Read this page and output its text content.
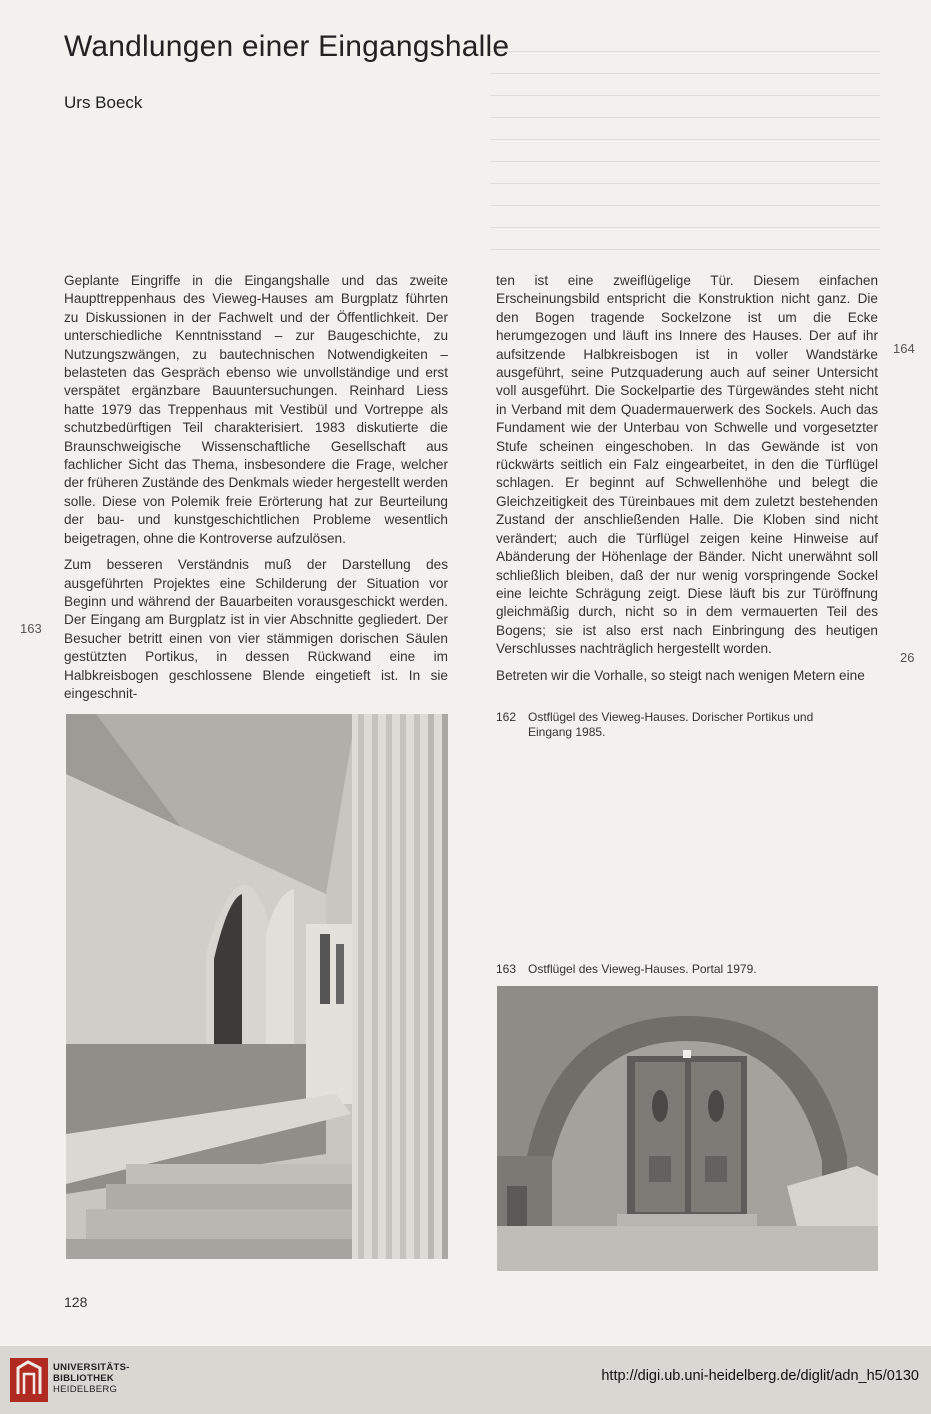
Wandlungen einer Eingangshalle
Urs Boeck

Geplante Eingriffe in die Eingangshalle und das zweite Haupttreppenhaus des Vieweg-Hauses am Burgplatz führten zu Diskussionen in der Fachwelt und der Öffentlichkeit. Der unterschiedliche Kenntnisstand – zur Baugeschichte, zu Nutzungszwängen, zu bautechnischen Notwendigkeiten – belasteten das Gespräch ebenso wie unvollständige und erst verspätet ergänzbare Bauuntersuchungen. Reinhard Liess hatte 1979 das Treppenhaus mit Vestibül und Vortreppe als schutzbedürftigen Teil charakterisiert. 1983 diskutierte die Braunschweigische Wissenschaftliche Gesellschaft aus fachlicher Sicht das Thema, insbesondere die Frage, welcher der früheren Zustände des Denkmals wieder hergestellt werden solle. Diese von Polemik freie Erörterung hat zur Beurteilung der bau- und kunstgeschichtlichen Probleme wesentlich beigetragen, ohne die Kontroverse aufzulösen.

Zum besseren Verständnis muß der Darstellung des ausgeführten Projektes eine Schilderung der Situation vor Beginn und während der Bauarbeiten vorausgeschickt werden. Der Eingang am Burgplatz ist in vier Abschnitte gegliedert. Der Besucher betritt einen von vier stämmigen dorischen Säulen gestützten Portikus, in dessen Rückwand eine im Halbkreisbogen geschlossene Blende eingetieft ist. In sie eingeschnit-

ten ist eine zweiflügelige Tür. Diesem einfachen Erscheinungsbild entspricht die Konstruktion nicht ganz. Die den Bogen tragende Sockelzone ist um die Ecke herumgezogen und läuft ins Innere des Hauses. Der auf ihr aufsitzende Halbkreisbogen ist in voller Wandstärke ausgeführt, seine Putzquaderung auch auf seiner Untersicht voll ausgeführt. Die Sockelpartie des Türgewändes steht nicht in Verband mit dem Quadermauerwerk des Sockels. Auch das Fundament wie der Unterbau von Schwelle und vorgesetzter Stufe scheinen eingeschoben. In das Gewände ist von rückwärts seitlich ein Falz eingearbeitet, in den die Türflügel schlagen. Er beginnt auf Schwellenhöhe und belegt die Gleichzeitigkeit des Türeinbaues mit dem zuletzt bestehenden Zustand der anschließenden Halle. Die Kloben sind nicht verändert; auch die Türflügel zeigen keine Hinweise auf Abänderung der Höhenlage der Bänder. Nicht unerwähnt soll schließlich bleiben, daß der nur wenig vorspringende Sockel eine leichte Schrägung zeigt. Diese läuft bis zur Türöffnung gleichmäßig durch, nicht so in dem vermauerten Teil des Bogens; sie ist also erst nach Einbringung des heutigen Verschlusses nachträglich hergestellt worden.

Betreten wir die Vorhalle, so steigt nach wenigen Metern eine

163
164
26
162 Ostflügel des Vieweg-Hauses. Dorischer Portikus und Eingang 1985.
163 Ostflügel des Vieweg-Hauses. Portal 1979.
128
UNIVERSITÄTS-
BIBLIOTHEK
HEIDELBERG
http://digi.ub.uni-heidelberg.de/diglit/adn_h5/0130
